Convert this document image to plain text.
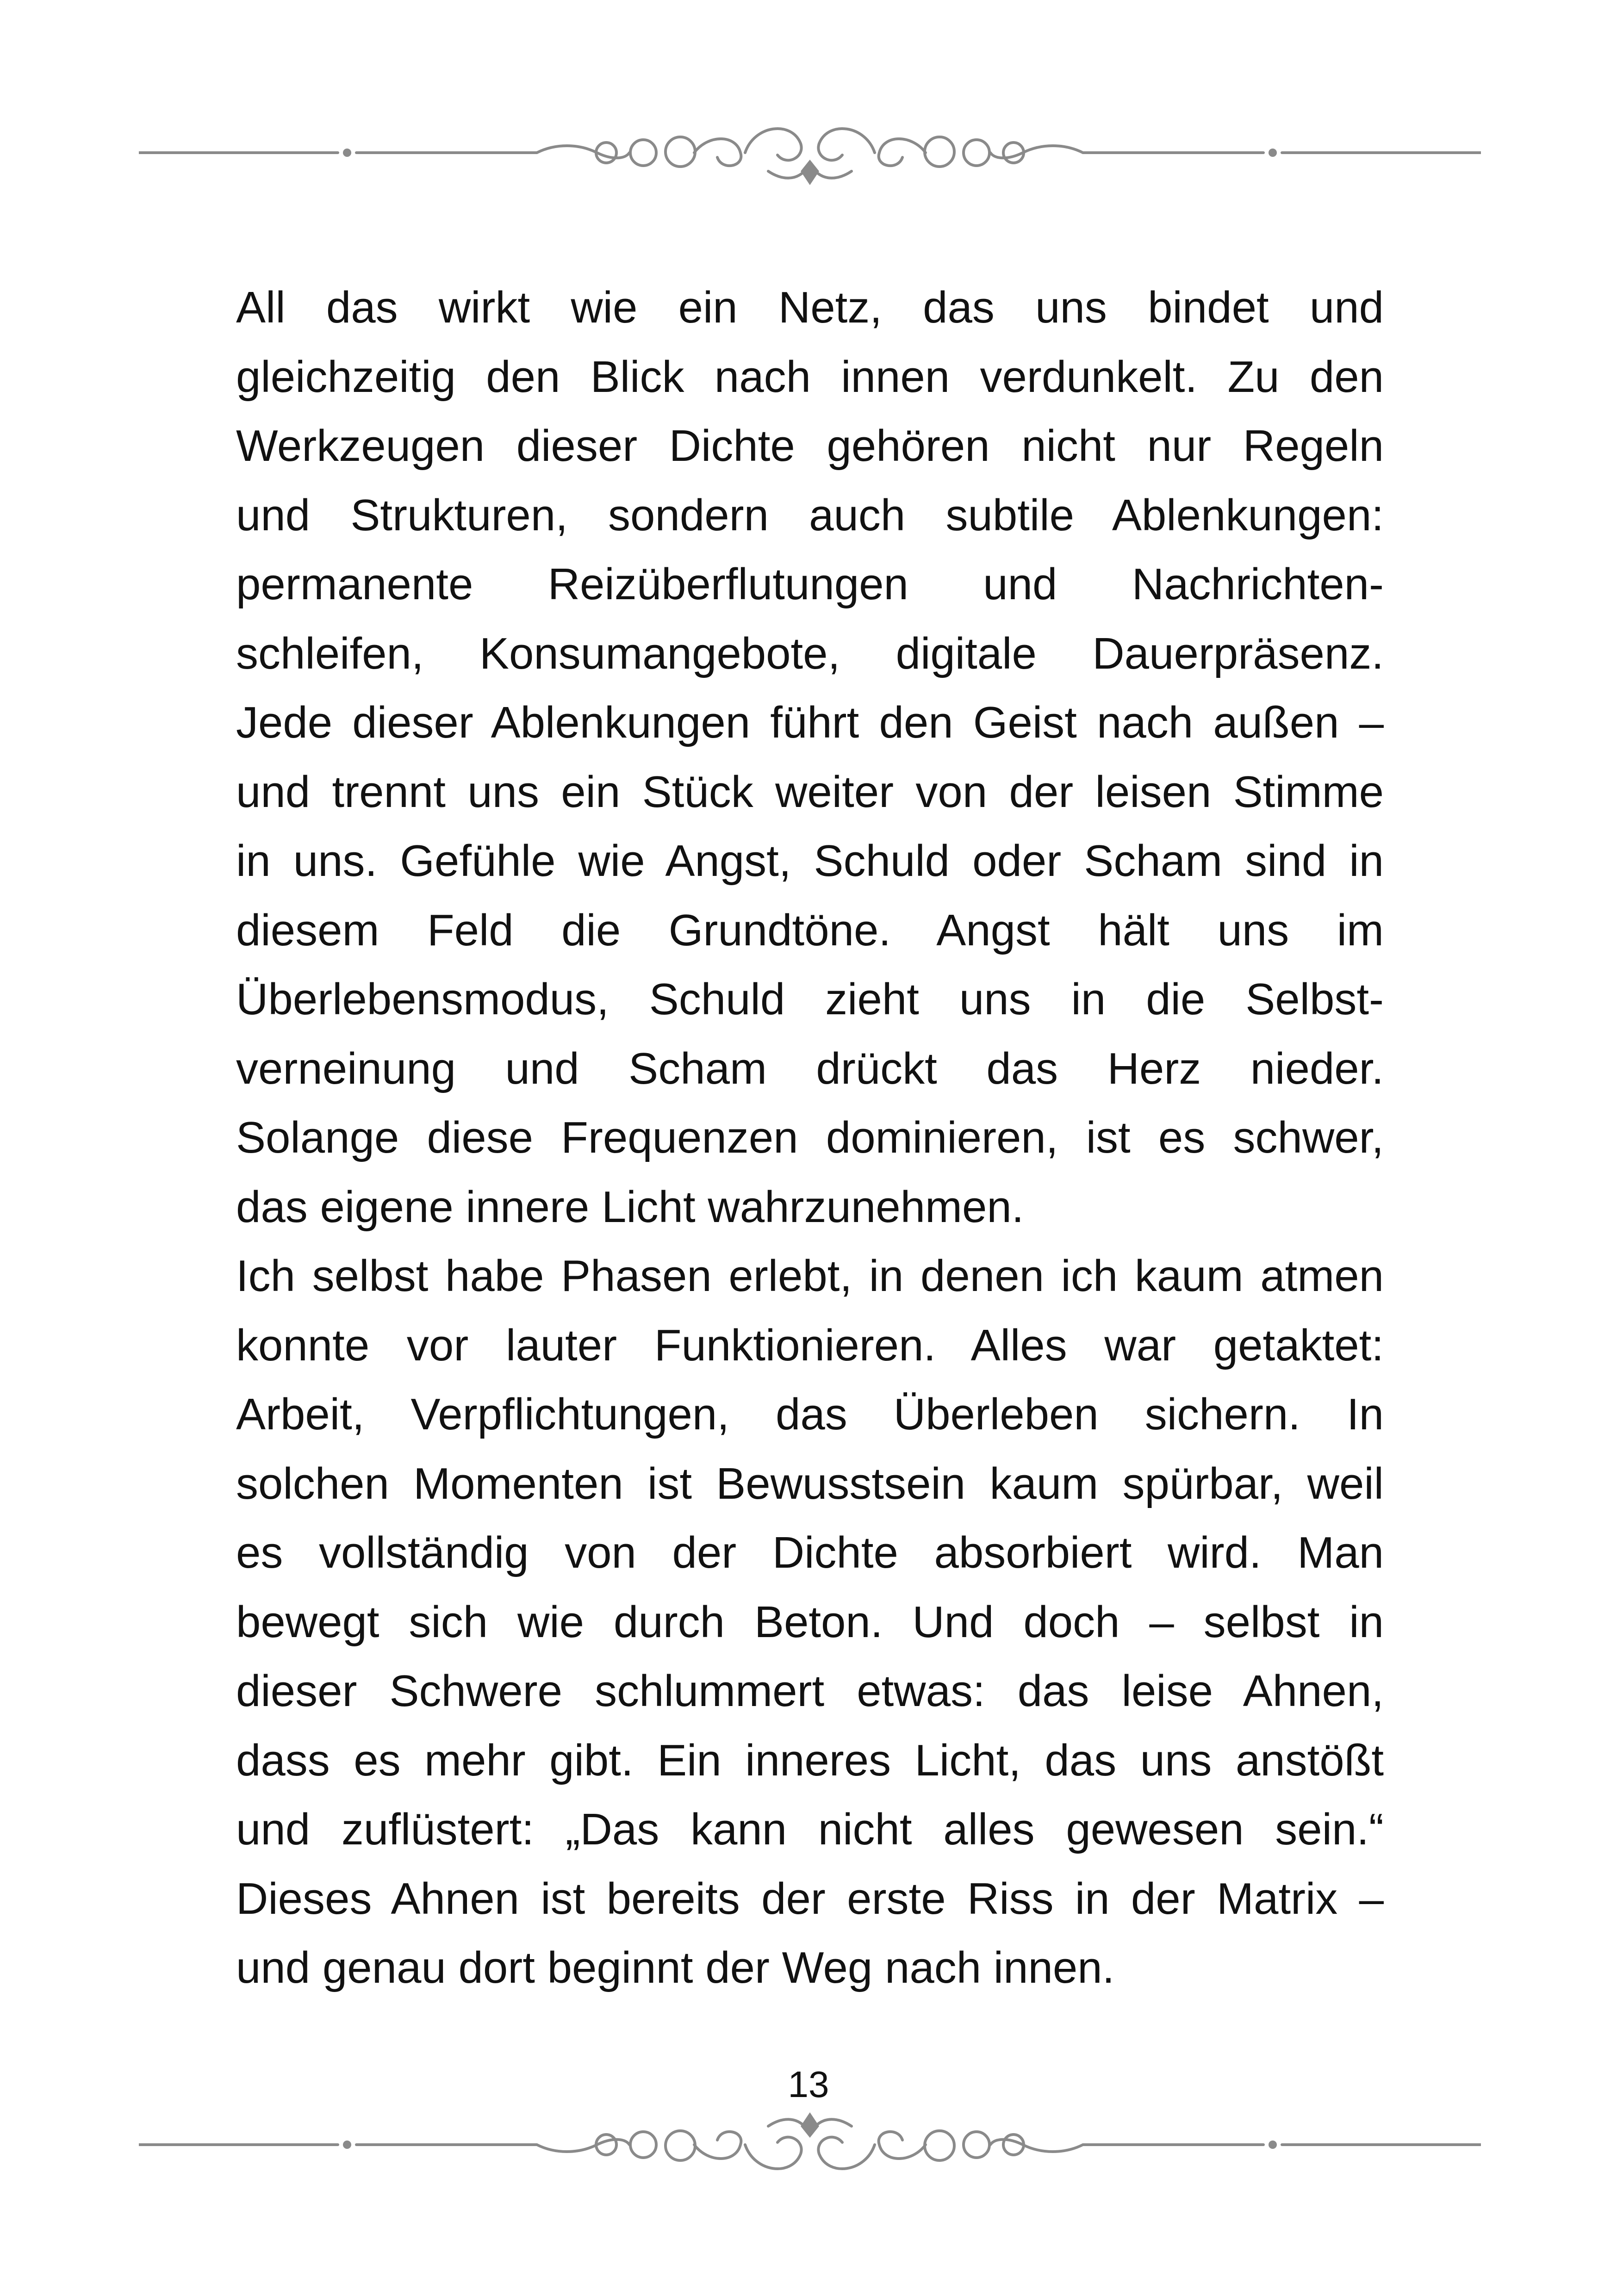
All das wirkt wie ein Netz, das uns bindet und
gleichzeitig den Blick nach innen verdunkelt. Zu den
Werkzeugen dieser Dichte gehören nicht nur Regeln
und Strukturen, sondern auch subtile Ablenkungen:
permanente Reizüberflutungen und Nachrichten-
schleifen, Konsumangebote, digitale Dauerpräsenz.
Jede dieser Ablenkungen führt den Geist nach außen –
und trennt uns ein Stück weiter von der leisen Stimme
in uns. Gefühle wie Angst, Schuld oder Scham sind in
diesem Feld die Grundtöne. Angst hält uns im
Überlebensmodus, Schuld zieht uns in die Selbst-
verneinung und Scham drückt das Herz nieder.
Solange diese Frequenzen dominieren, ist es schwer,
das eigene innere Licht wahrzunehmen.
Ich selbst habe Phasen erlebt, in denen ich kaum atmen
konnte vor lauter Funktionieren. Alles war getaktet:
Arbeit, Verpflichtungen, das Überleben sichern. In
solchen Momenten ist Bewusstsein kaum spürbar, weil
es vollständig von der Dichte absorbiert wird. Man
bewegt sich wie durch Beton. Und doch – selbst in
dieser Schwere schlummert etwas: das leise Ahnen,
dass es mehr gibt. Ein inneres Licht, das uns anstößt
und zuflüstert: „Das kann nicht alles gewesen sein.“
Dieses Ahnen ist bereits der erste Riss in der Matrix –
und genau dort beginnt der Weg nach innen.
13
